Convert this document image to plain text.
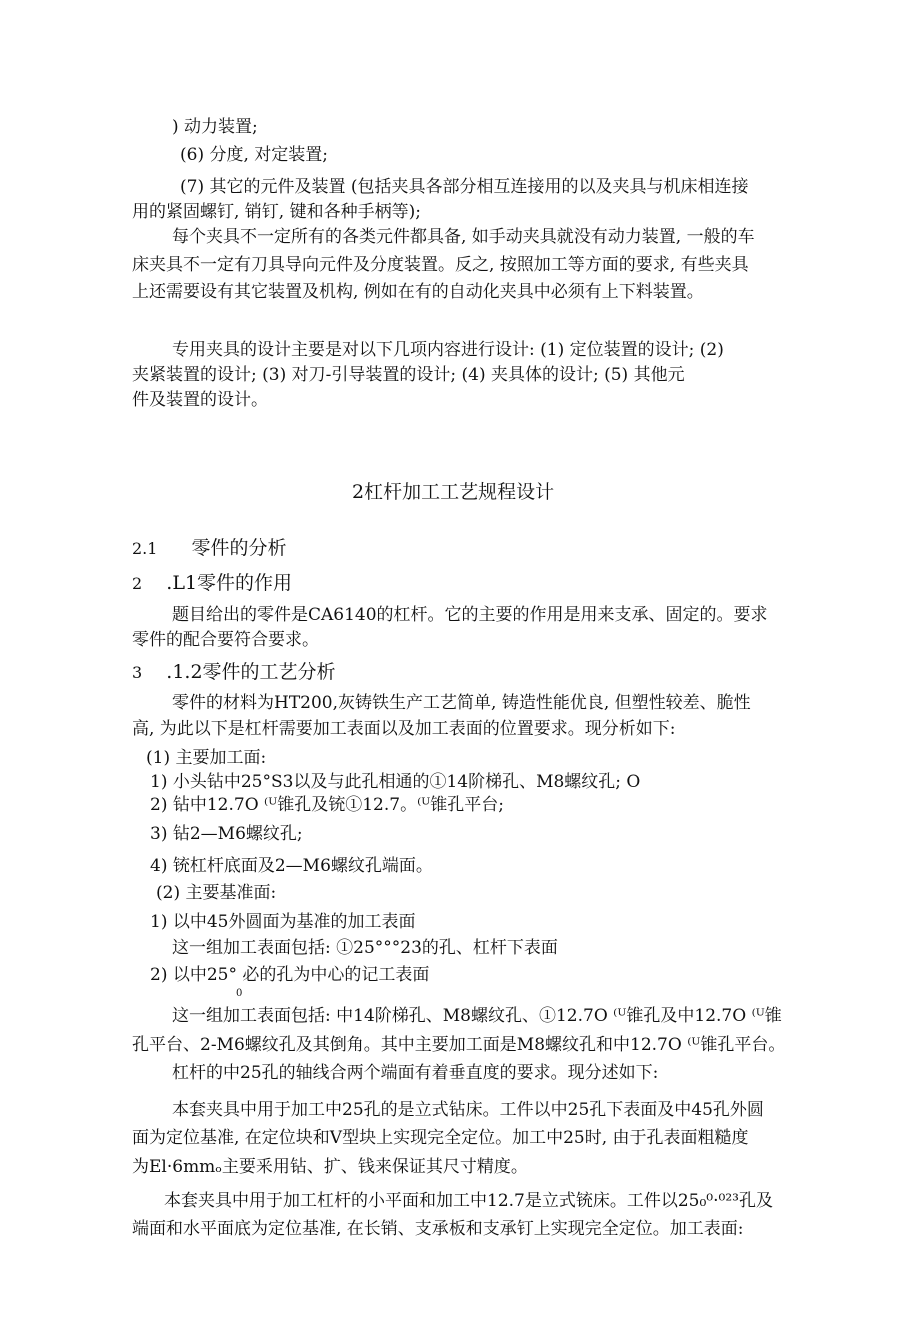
) 动力装置;
(6) 分度, 对定装置;
(7) 其它的元件及装置 (包括夹具各部分相互连接用的以及夹具与机床相连接
用的紧固螺钉, 销钉, 键和各种手柄等);
每个夹具不一定所有的各类元件都具备, 如手动夹具就没有动力装置, 一般的车
床夹具不一定有刀具导向元件及分度装置。反之, 按照加工等方面的要求, 有些夹具
上还需要设有其它装置及机构, 例如在有的自动化夹具中必须有上下料装置。
专用夹具的设计主要是对以下几项内容进行设计: (1) 定位装置的设计; (2)
夹紧装置的设计; (3) 对刀-引导装置的设计; (4) 夹具体的设计; (5) 其他元
件及装置的设计。
2杠杆加工工艺规程设计
2.1 零件的分析
2 .L1零件的作用
题目给出的零件是CA6140的杠杆。它的主要的作用是用来支承、固定的。要求
零件的配合要符合要求。
3 .1.2零件的工艺分析
零件的材料为HT200,灰铸铁生产工艺简单, 铸造性能优良, 但塑性较差、脆性
高, 为此以下是杠杆需要加工表面以及加工表面的位置要求。现分析如下:
(1) 主要加工面:
1) 小头钻中25°S3以及与此孔相通的①14阶梯孔、M8螺纹孔; O
2) 钻中12.7O ⁽ᵁ锥孔及铳①12.7。⁽ᵁ锥孔平台;
3) 钻2—M6螺纹孔;
4) 铳杠杆底面及2—M6螺纹孔端面。
(2) 主要基准面:
1) 以中45外圆面为基准的加工表面
这一组加工表面包括: ①25°°°23的孔、杠杆下表面
2) 以中25° 必的孔为中心的记工表面
0
这一组加工表面包括: 中14阶梯孔、M8螺纹孔、①12.7O ⁽ᵁ锥孔及中12.7O ⁽ᵁ锥
孔平台、2-M6螺纹孔及其倒角。其中主要加工面是M8螺纹孔和中12.7O ⁽ᵁ锥孔平台。
杠杆的中25孔的轴线合两个端面有着垂直度的要求。现分述如下:
本套夹具中用于加工中25孔的是立式钻床。工件以中25孔下表面及中45孔外圆
面为定位基准, 在定位块和V型块上实现完全定位。加工中25时, 由于孔表面粗糙度
为El·6mmₒ主要釆用钻、扩、钱来保证其尺寸精度。
本套夹具中用于加工杠杆的小平面和加工中12.7是立式铳床。工件以25₀⁰·⁰²³孔及
端面和水平面底为定位基准, 在长销、支承板和支承钉上实现完全定位。加工表面:
